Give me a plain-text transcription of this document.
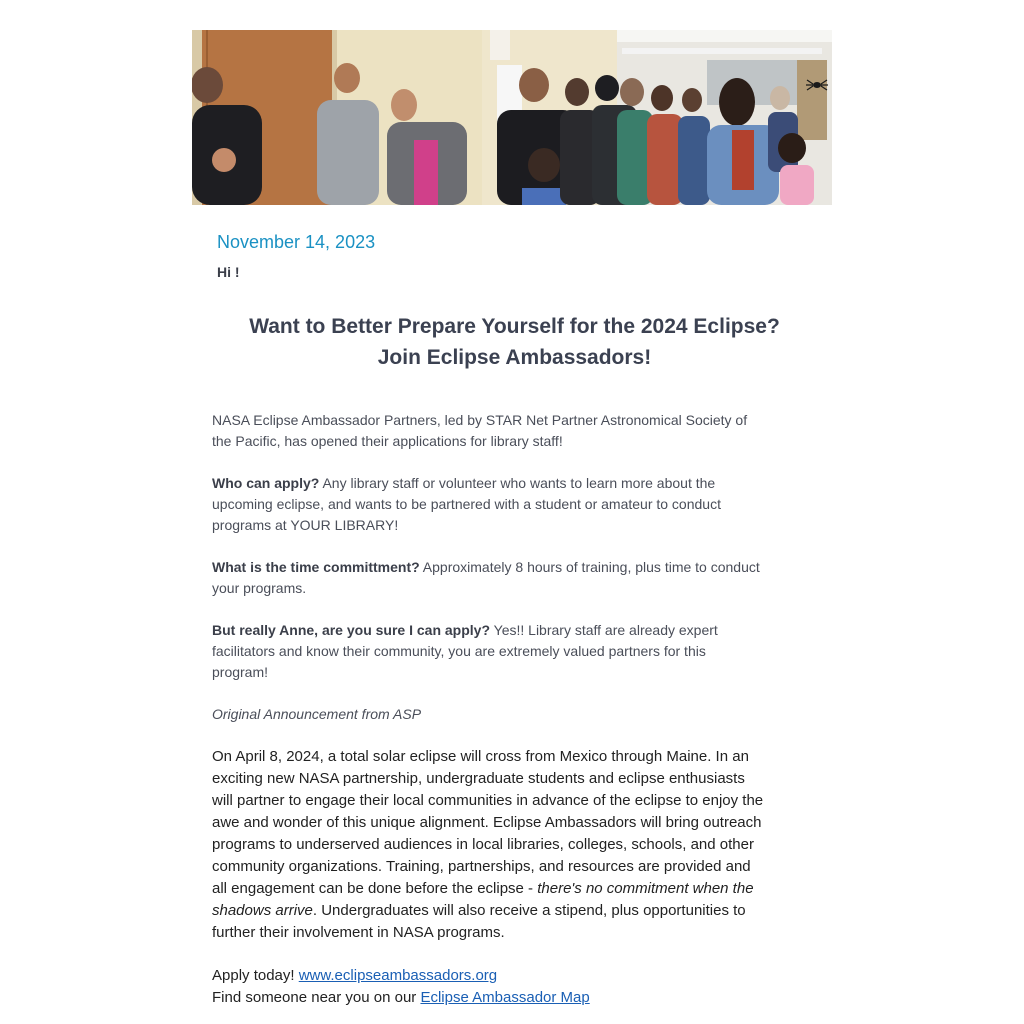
November 14, 2023
Hi !
Want to Better Prepare Yourself for the 2024 Eclipse?
Join Eclipse Ambassadors!

NASA Eclipse Ambassador Partners, led by STAR Net Partner Astronomical Society of the Pacific, has opened their applications for library staff!

Who can apply? Any library staff or volunteer who wants to learn more about the upcoming eclipse, and wants to be partnered with a student or amateur to conduct programs at YOUR LIBRARY!

What is the time committment? Approximately 8 hours of training, plus time to conduct your programs.

But really Anne, are you sure I can apply? Yes!! Library staff are already expert facilitators and know their community, you are extremely valued partners for this program!

Original Announcement from ASP

On April 8, 2024, a total solar eclipse will cross from Mexico through Maine. In an exciting new NASA partnership, undergraduate students and eclipse enthusiasts will partner to engage their local communities in advance of the eclipse to enjoy the awe and wonder of this unique alignment. Eclipse Ambassadors will bring outreach programs to underserved audiences in local libraries, colleges, schools, and other community organizations. Training, partnerships, and resources are provided and all engagement can be done before the eclipse - there's no commitment when the shadows arrive. Undergraduates will also receive a stipend, plus opportunities to further their involvement in NASA programs.

Apply today! www.eclipseambassadors.org
Find someone near you on our Eclipse Ambassador Map
